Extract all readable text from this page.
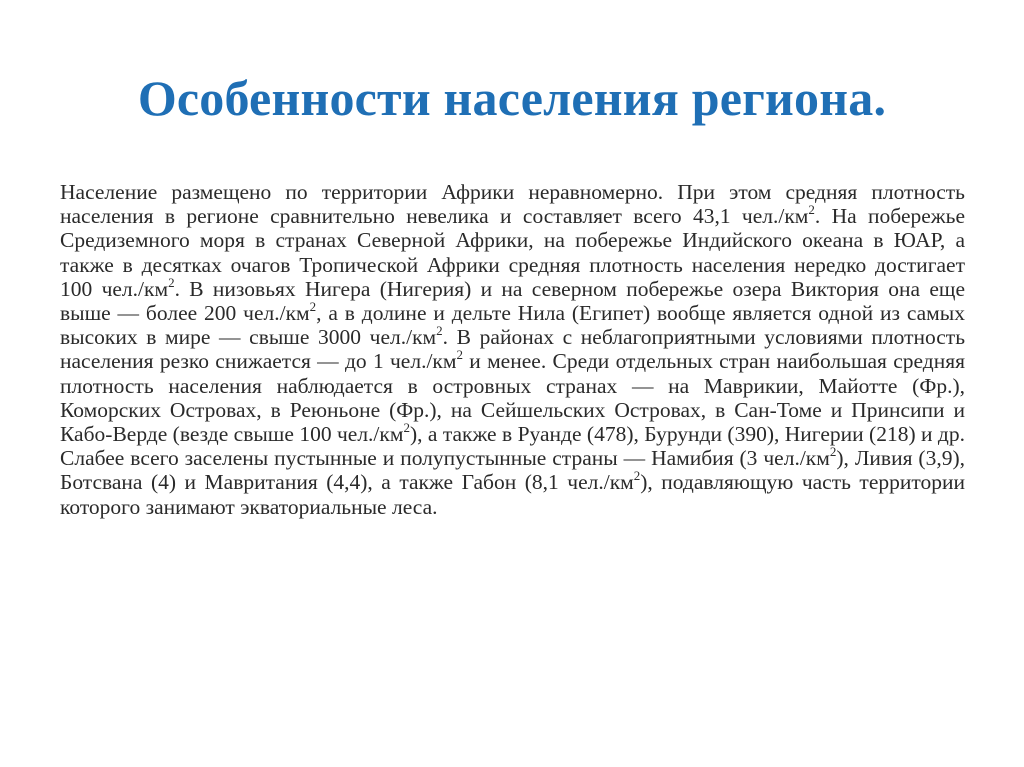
Особенности населения региона.

Население размещено по территории Африки неравномерно. При этом средняя плотность населения в регионе сравнительно невелика и составляет всего 43,1 $чел./км^2$. На побережье Средиземного моря в странах Северной Африки, на побережье Индийского океана в ЮАР, а также в десятках очагов Тропической Африки средняя плотность населения нередко достигает 100 $чел./км^2$. В низовьях Нигера (Нигерия) и на северном побережье озера Виктория она еще выше — более 200 $чел./км^2$, а в долине и дельте Нила (Египет) вообще является одной из самых высоких в мире — свыше 3000 $чел./км^2$. В районах с неблагоприятными условиями плотность населения резко снижается — до 1 $чел./км^2$ и менее. Среди отдельных стран наибольшая средняя плотность населения наблюдается в островных странах — на Маврикии, Майотте (Фр.), Коморских Островах, в Реюньоне (Фр.), на Сейшельских Островах, в Сан-Томе и Принсипи и Кабо-Верде (везде свыше 100 $чел./км^2$), а также в Руанде (478), Бурунди (390), Нигерии (218) и др. Слабее всего заселены пустынные и полупустынные страны — Намибия (3 $чел./км^2$), Ливия (3,9), Ботсвана (4) и Мавритания (4,4), а также Габон (8,1 $чел./км^2$), подавляющую часть территории которого занимают экваториальные леса.
